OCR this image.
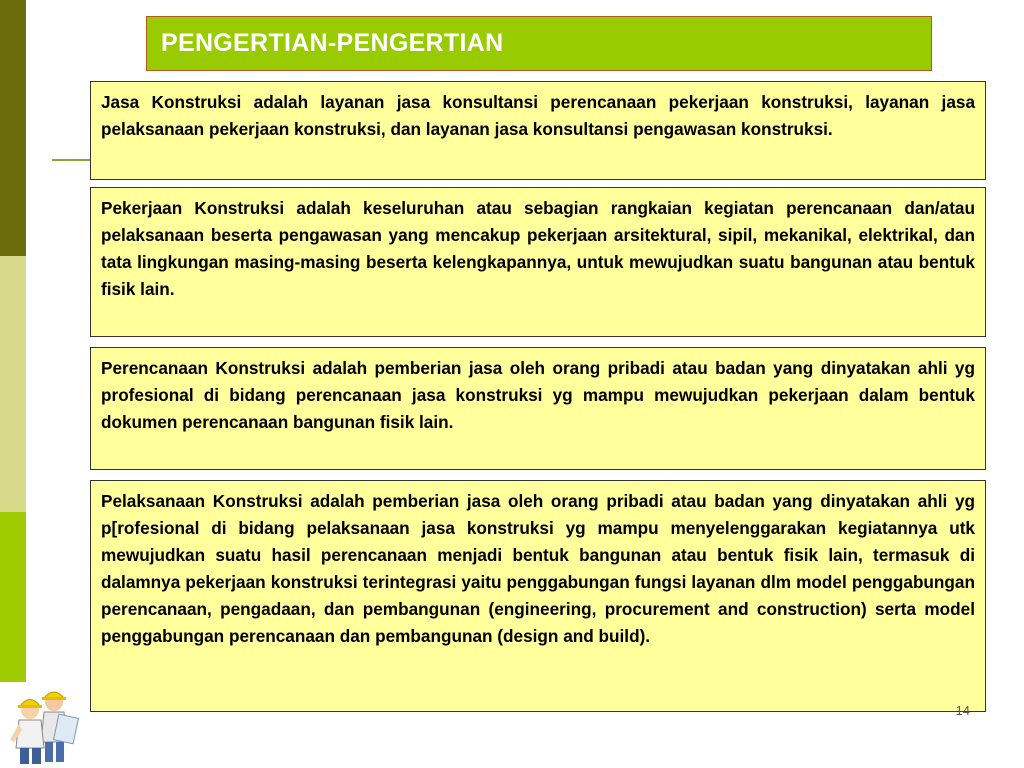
PENGERTIAN-PENGERTIAN
Jasa Konstruksi adalah layanan jasa konsultansi perencanaan pekerjaan konstruksi, layanan jasa pelaksanaan pekerjaan konstruksi, dan layanan jasa konsultansi pengawasan konstruksi.
Pekerjaan Konstruksi adalah keseluruhan atau sebagian rangkaian kegiatan perencanaan dan/atau pelaksanaan beserta pengawasan yang mencakup pekerjaan arsitektural, sipil, mekanikal, elektrikal, dan tata lingkungan masing-masing beserta kelengkapannya, untuk mewujudkan suatu bangunan atau bentuk fisik lain.
Perencanaan Konstruksi adalah pemberian jasa oleh orang pribadi atau badan yang dinyatakan ahli yg profesional di bidang perencanaan jasa konstruksi yg mampu mewujudkan pekerjaan dalam bentuk dokumen perencanaan bangunan fisik lain.
Pelaksanaan Konstruksi adalah pemberian jasa oleh orang pribadi atau badan yang dinyatakan ahli yg p[rofesional di bidang pelaksanaan jasa konstruksi yg mampu menyelenggarakan kegiatannya utk mewujudkan suatu hasil perencanaan menjadi bentuk bangunan atau bentuk fisik lain, termasuk di dalamnya pekerjaan konstruksi terintegrasi yaitu penggabungan fungsi layanan dlm model penggabungan perencanaan, pengadaan, dan pembangunan (engineering, procurement and construction) serta model penggabungan perencanaan dan pembangunan (design and build).
14
